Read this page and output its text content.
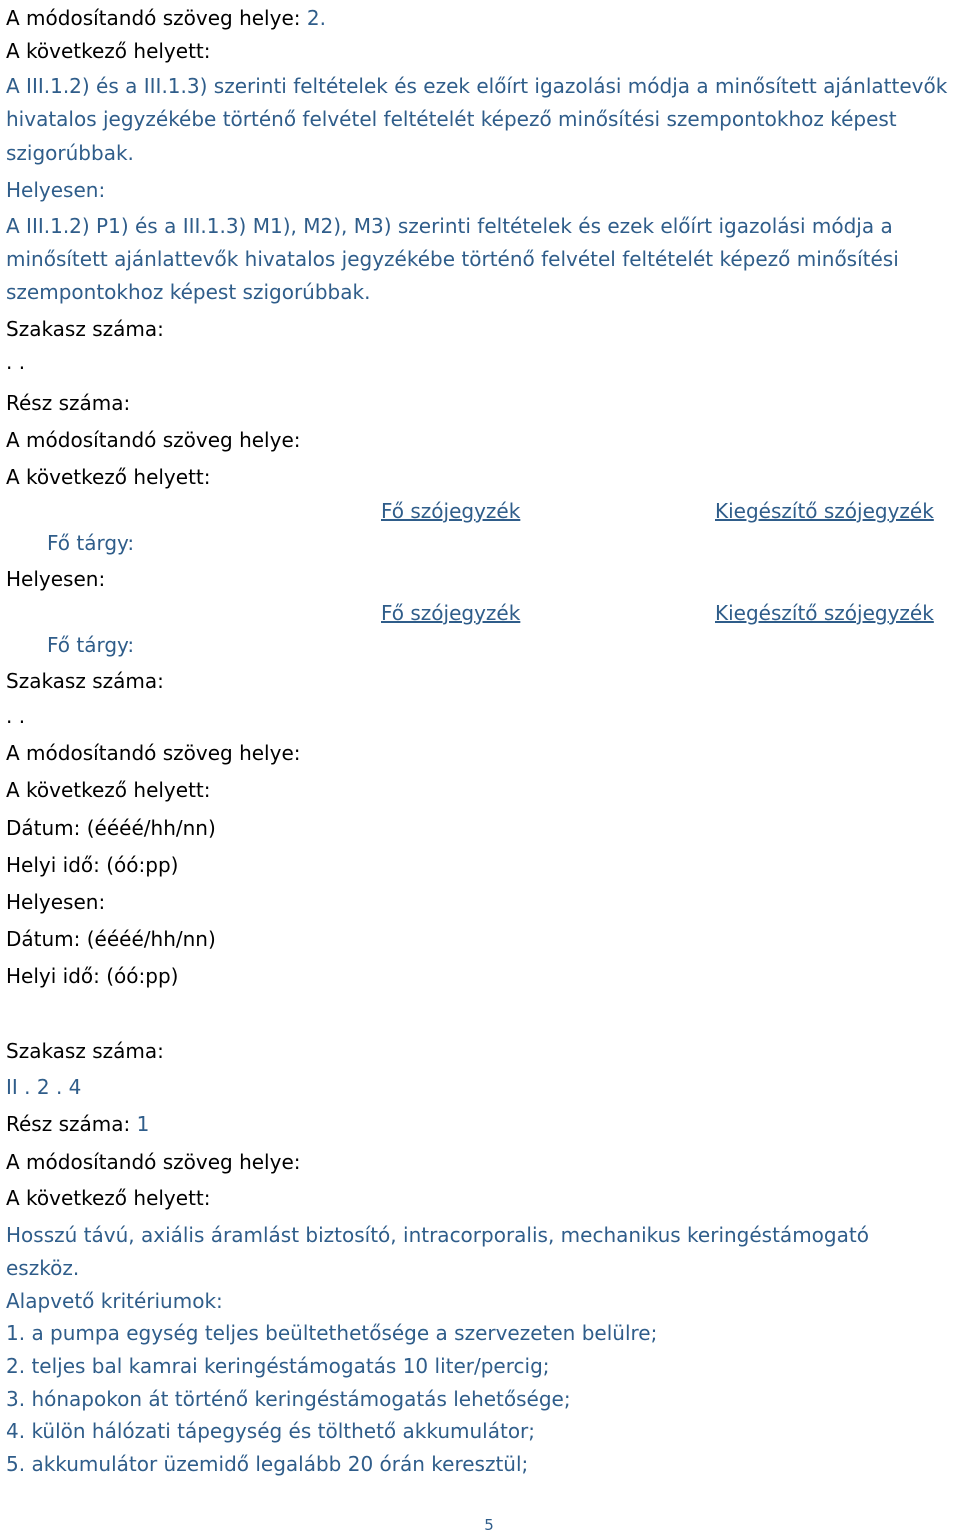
A módosítandó szöveg helye: 2.
A következő helyett:
A III.1.2) és a III.1.3) szerinti feltételek és ezek előírt igazolási módja a minősített ajánlattevők
hivatalos jegyzékébe történő felvétel feltételét képező minősítési szempontokhoz képest
szigorúbbak.
Helyesen:
A III.1.2) P1) és a III.1.3) M1), M2), M3) szerinti feltételek és ezek előírt igazolási módja a
minősített ajánlattevők hivatalos jegyzékébe történő felvétel feltételét képező minősítési
szempontokhoz képest szigorúbbak.
Szakasz száma:
. .
Rész száma:
A módosítandó szöveg helye:
A következő helyett:
Fő szójegyzék	Kiegészítő szójegyzék
Fő tárgy:
Helyesen:
Fő szójegyzék	Kiegészítő szójegyzék
Fő tárgy:
Szakasz száma:
. .
A módosítandó szöveg helye:
A következő helyett:
Dátum: (éééé/hh/nn)
Helyi idő: (óó:pp)
Helyesen:
Dátum: (éééé/hh/nn)
Helyi idő: (óó:pp)
Szakasz száma:
II . 2 . 4
Rész száma: 1
A módosítandó szöveg helye:
A következő helyett:
Hosszú távú, axiális áramlást biztosító, intracorporalis, mechanikus keringéstámogató
eszköz.
Alapvető kritériumok:
1. a pumpa egység teljes beültethetősége a szervezeten belülre;
2. teljes bal kamrai keringéstámogatás 10 liter/percig;
3. hónapokon át történő keringéstámogatás lehetősége;
4. külön hálózati tápegység és tölthető akkumulátor;
5. akkumulátor üzemidő legalább 20 órán keresztül;
5
